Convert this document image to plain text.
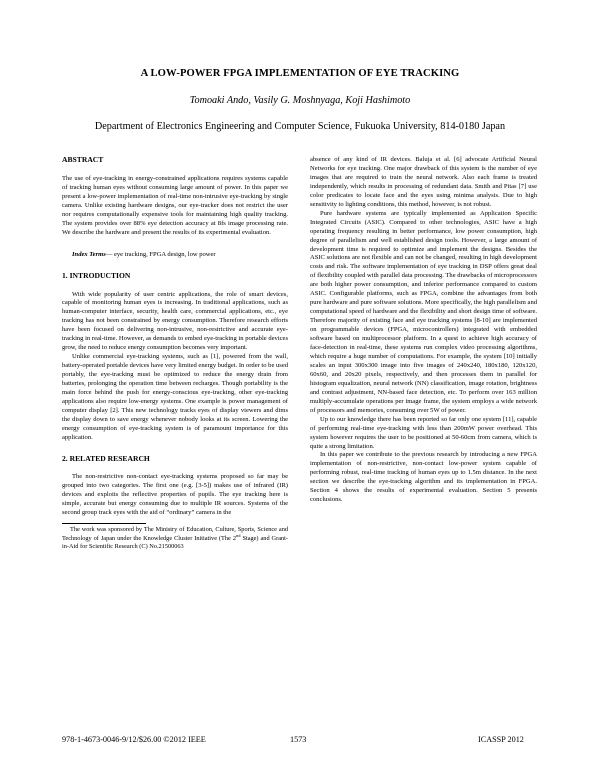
A LOW-POWER FPGA IMPLEMENTATION OF EYE TRACKING
Tomoaki Ando, Vasily G. Moshnyaga, Koji Hashimoto
Department of Electronics Engineering and Computer Science, Fukuoka University, 814-0180 Japan

ABSTRACT

The use of eye-tracking in energy-constrained applications requires systems capable of tracking human eyes without consuming large amount of power. In this paper we present a low-power implementation of real-time non-intrusive eye-tracking by single camera. Unlike existing hardware designs, our eye-tracker does not restrict the user nor requires computationally expensive tools for maintaining high quality tracking. The system provides over 88% eye detection accuracy at 8fs image processing rate. We describe the hardware and present the results of its experimental evaluation.

Index Terms— eye tracking, FPGA design, low power

1. INTRODUCTION

With wide popularity of user centric applications, the role of smart devices, capable of monitoring human eyes is increasing. In traditional applications, such as human-computer interface, security, health care, commercial applications, etc., eye tracking has not been constrained by energy consumption. Therefore research efforts have been focused on delivering non-intrusive, non-restrictive and accurate eye-tracking in real-time. However, as demands to embed eye-tracking in portable devices grow, the need to reduce energy consumption becomes very important.

Unlike commercial eye-tracking systems, such as [1], powered from the wall, battery-operated portable devices have very limited energy budget. In order to be used portably, the eye-tracking must be optimized to reduce the energy drain from batteries, prolonging the operation time between recharges. Though portability is the main force behind the push for energy-conscious eye-tracking, other eye-tracking applications also require low-energy systems. One example is power management of computer display [2]. This new technology tracks eyes of display viewers and dims the display down to save energy whenever nobody looks at its screen. Lowering the energy consumption of eye-tracking system is of paramount importance for this application.

2. RELATED RESEARCH

The non-restrictive non-contact eye-tracking systems proposed so far may be grouped into two categories. The first one (e.g. [3-5]) makes use of infrared (IR) devices and exploits the reflective properties of pupils. The eye tracking here is simple, accurate but energy consuming due to multiple IR sources. Systems of the second group track eyes with the aid of “ordinary” camera in the

The work was sponsored by The Ministry of Education, Culture, Sports, Science and Technology of Japan under the Knowledge Cluster Initiative (The 2nd Stage) and Grant-in-Aid for Scientific Research (C) No.21500063

absence of any kind of IR devices. Baluja et al. [6] advocate Artificial Neural Networks for eye tracking. One major drawback of this system is the number of eye images that are required to train the neural network. Also each frame is treated independently, which results in processing of redundant data. Smith and Pitas [7] use color predicates to locate face and the eyes using minima analysis. Due to high sensitivity to lighting conditions, this method, however, is not robust.

Pure hardware systems are typically implemented as Application Specific Integrated Circuits (ASIC). Compared to other technologies, ASIC have a high operating frequency resulting in better performance, low power consumption, high degree of parallelism and well established design tools. However, a large amount of development time is required to optimize and implement the designs. Besides the ASIC solutions are not flexible and can not be changed, resulting in high development costs and risk. The software implementation of eye tracking in DSP offers great deal of flexibility coupled with parallel data processing. The drawbacks of microprocessors are both higher power consumption, and inferior performance compared to custom ASIC. Configurable platforms, such as FPGA, combine the advantages from both pure hardware and pure software solutions. More specifically, the high parallelism and computational speed of hardware and the flexibility and short design time of software. Therefore majority of existing face and eye tracking systems [8-10] are implemented on programmable devices (FPGA, microcontrollers) integrated with embedded software based on multiprocessor platform. In a quest to achieve high accuracy of face-detection in real-time, these systems run complex video processing algorithms, which require a huge number of computations. For example, the system [10] initially scales an input 300x300 image into five images of 240x240, 180x180, 120x120, 60x60, and 20x20 pixels, respectively, and then processes them in parallel for histogram equalization, neural network (NN) classification, image rotation, brightness and contrast adjustment, NN-based face detection, etc. To perform over 163 million multiply-accumulate operations per image frame, the system employs a wide network of processors and memories, consuming over 5W of power.

Up to our knowledge there has been reported so far only one system [11], capable of performing real-time eye-tracking with less than 200mW power overhead. This system however requires the user to be positioned at 50-60cm from camera, which is quite a strong limitation.

In this paper we contribute to the previous research by introducing a new FPGA implementation of non-restrictive, non-contact low-power system capable of performing robust, real-time tracking of human eyes up to 1.5m distance. In the next section we describe the eye-tracking algorithm and its implementation in FPGA. Section 4 shows the results of experimental evaluation. Section 5 presents conclusions.

978-1-4673-0046-9/12/$26.00 ©2012 IEEE	1573	ICASSP 2012
